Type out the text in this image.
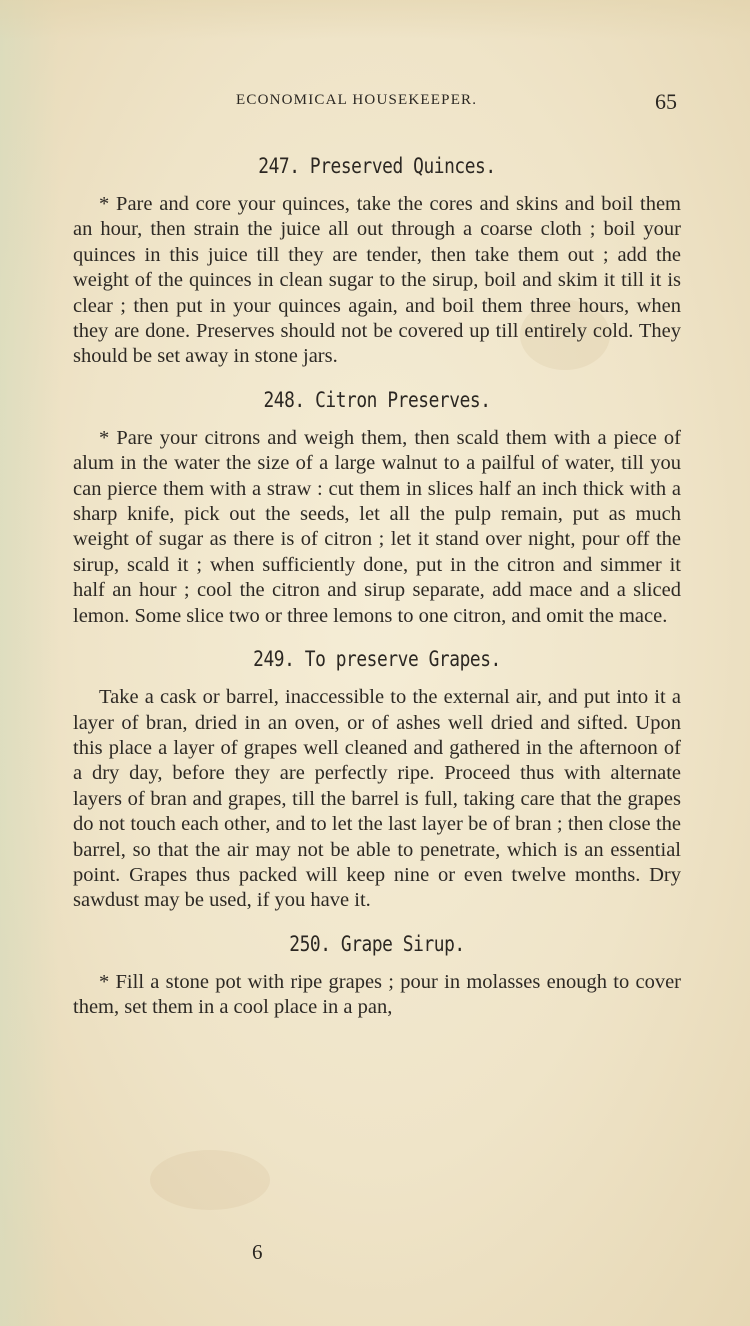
ECONOMICAL HOUSEKEEPER.	65

247. Preserved Quinces.

* Pare and core your quinces, take the cores and skins and boil them an hour, then strain the juice all out through a coarse cloth ; boil your quinces in this juice till they are tender, then take them out ; add the weight of the quinces in clean sugar to the sirup, boil and skim it till it is clear ; then put in your quinces again, and boil them three hours, when they are done. Preserves should not be covered up till entirely cold. They should be set away in stone jars.

248. Citron Preserves.

* Pare your citrons and weigh them, then scald them with a piece of alum in the water the size of a large walnut to a pailful of water, till you can pierce them with a straw : cut them in slices half an inch thick with a sharp knife, pick out the seeds, let all the pulp remain, put as much weight of sugar as there is of citron ; let it stand over night, pour off the sirup, scald it ; when sufficiently done, put in the citron and simmer it half an hour ; cool the citron and sirup separate, add mace and a sliced lemon. Some slice two or three lemons to one citron, and omit the mace.

249. To preserve Grapes.

Take a cask or barrel, inaccessible to the external air, and put into it a layer of bran, dried in an oven, or of ashes well dried and sifted. Upon this place a layer of grapes well cleaned and gathered in the afternoon of a dry day, before they are perfectly ripe. Proceed thus with alternate layers of bran and grapes, till the barrel is full, taking care that the grapes do not touch each other, and to let the last layer be of bran ; then close the barrel, so that the air may not be able to penetrate, which is an essential point. Grapes thus packed will keep nine or even twelve months. Dry sawdust may be used, if you have it.

250. Grape Sirup.

* Fill a stone pot with ripe grapes ; pour in molasses enough to cover them, set them in a cool place in a pan,

6
